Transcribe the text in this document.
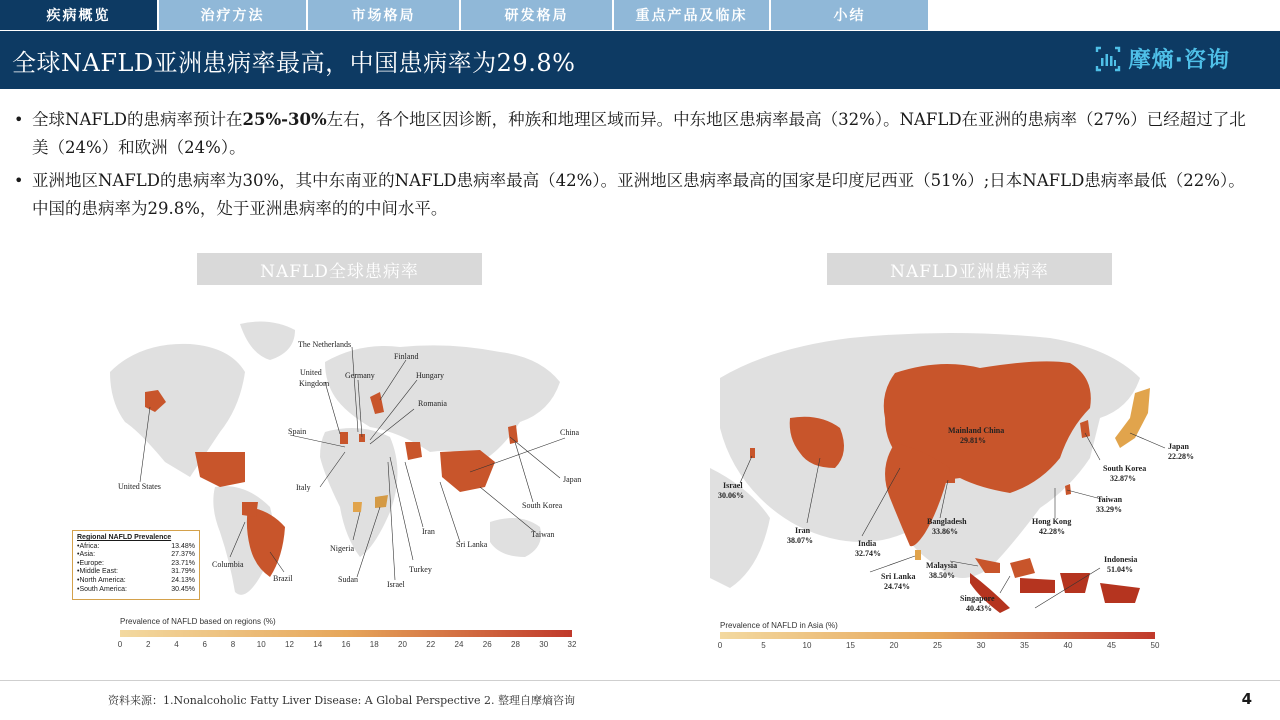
疾病概览	治疗方法	市场格局	研发格局	重点产品及临床	小结
全球NAFLD亚洲患病率最高，中国患病率为29.8%	摩熵·咨询
• 全球NAFLD的患病率预计在25%-30%左右，各个地区因诊断，种族和地理区域而异。中东地区患病率最高（32%）。NAFLD在亚洲的患病率（27%）已经超过了北美（24%）和欧洲（24%）。
• 亚洲地区NAFLD的患病率为30%，其中东南亚的NAFLD患病率最高（42%）。亚洲地区患病率最高的国家是印度尼西亚（51%）;日本NAFLD患病率最低（22%）。中国的患病率为29.8%，处于亚洲患病率的的中间水平。
NAFLD全球患病率	NAFLD亚洲患病率
The Netherlands
Finland
United
Kingdom
Germany	Hungary
Romania
Spain	China
United States	Italy
Japan
South Korea
Iran	Taiwan
Nigeria	Sri Lanka
Columbia
Turkey
Sudan
Israel
Brazil
Regional NAFLD Prevalence
•Africa:	13.48%
•Asia:	27.37%
•Europe:	23.71%
•Middle East:	31.79%
•North America:	24.13%
•South America:	30.45%
Prevalence of NAFLD based on regions (%)
0	2	4	6	8	10 12 14 16 18 20 22 24 26 28 30 32
Mainland China
29.81%
Japan
22.28%
Israel
30.06%
South Korea
32.87%
Taiwan
33.29%
Iran
38.07%
Bangladesh
33.86%
Hong Kong
42.28%
India
32.74%
Malaysia
38.50%
Indonesia
51.04%
Sri Lanka
24.74%
Singapore
40.43%
Prevalence of NAFLD in Asia (%)
0	5	10	15	20	25	30	35	40	45	50
资料来源：1.Nonalcoholic Fatty Liver Disease: A Global Perspective 2. 整理自摩熵咨询	4
